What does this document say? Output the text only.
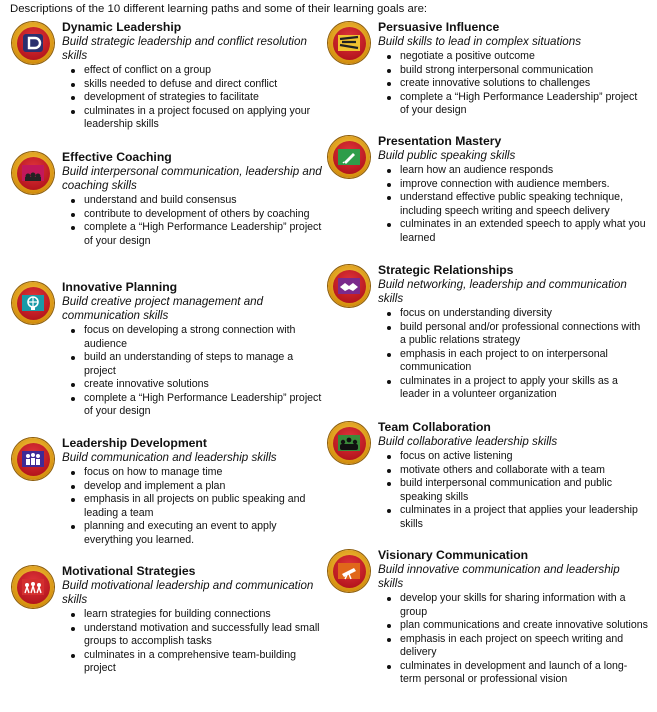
Descriptions of the 10 different learning paths and some of their learning goals are:
Dynamic Leadership
Build strategic leadership and conflict resolution skills
effect of conflict on a group
skills needed to defuse and direct conflict
development of strategies to facilitate
culminates in a project focused on applying your leadership skills
Effective Coaching
Build interpersonal communication, leadership and coaching skills
understand and build consensus
contribute to development of others by coaching
complete a “High Performance Leadership” project of your design
Innovative Planning
Build creative project management and communication skills
focus on developing a strong connection with audience
build an understanding of steps to manage a project
create innovative solutions
complete a “High Performance Leadership” project of your design
Leadership Development
Build communication and leadership skills
focus on how to manage time
develop and implement a plan
emphasis in all projects on public speaking and leading a team
planning and executing an event to apply everything you learned.
Motivational Strategies
Build motivational leadership and communication skills
learn strategies for building connections
understand motivation and successfully lead small groups to accomplish tasks
culminates in a comprehensive team-building project
Persuasive Influence
Build skills to lead in complex situations
negotiate a positive outcome
build strong interpersonal communication
create innovative solutions to challenges
complete a “High Performance Leadership” project of your design
Presentation Mastery
Build public speaking skills
learn how an audience responds
improve connection with audience members.
understand effective public speaking technique, including speech writing and speech delivery
culminates in an extended speech to apply what you learned
Strategic Relationships
Build networking, leadership and communication skills
focus on understanding diversity
build personal and/or professional connections with a public relations strategy
emphasis in each project to on interpersonal communication
culminates in a project to apply your skills as a leader in a volunteer organization
Team Collaboration
Build collaborative leadership skills
focus on active listening
motivate others and collaborate with a team
build interpersonal communication and public speaking skills
culminates in a project that applies your leadership skills
Visionary Communication
Build innovative communication and leadership skills
develop your skills for sharing information with a group
plan communications and create innovative solutions
emphasis in each project on speech writing and delivery
culminates in development and launch of a long-term personal or professional vision
